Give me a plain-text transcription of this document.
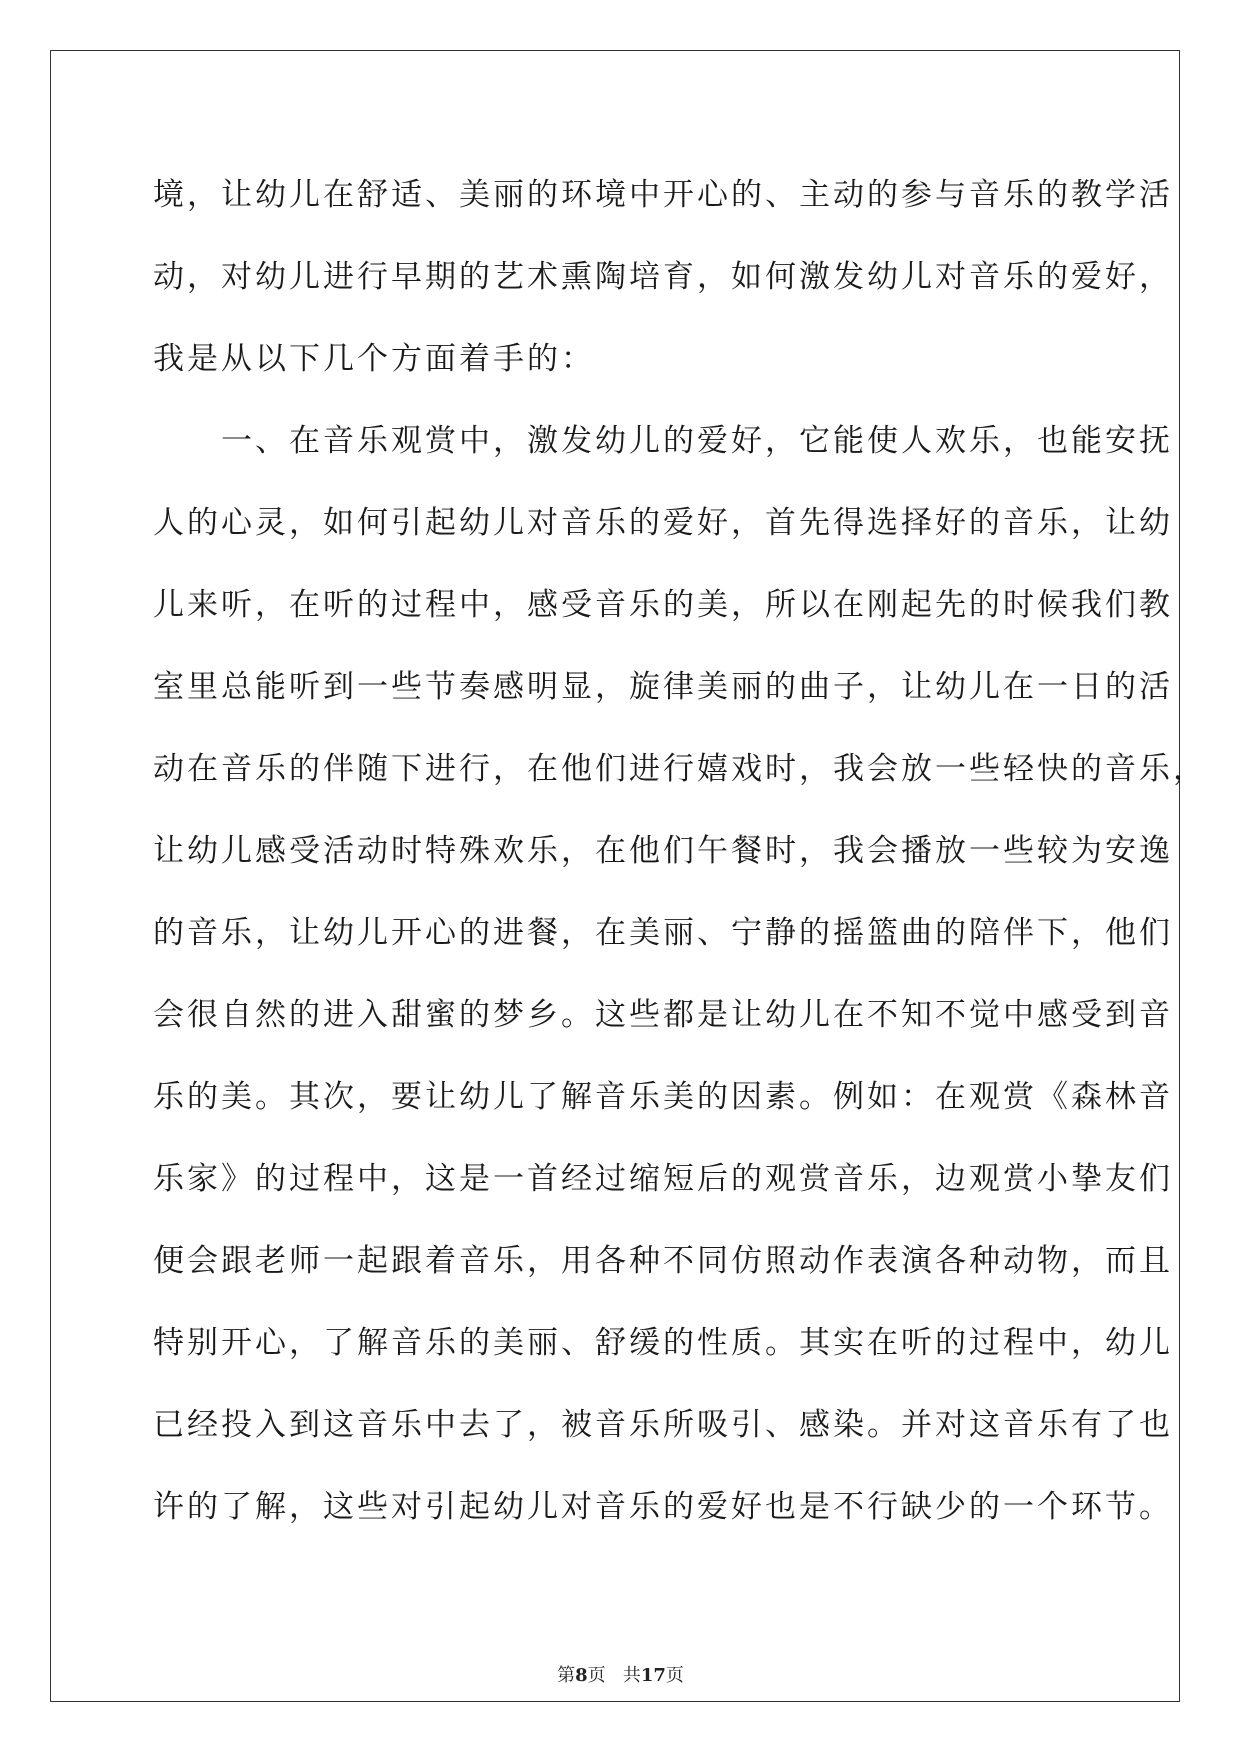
境，让幼儿在舒适、美丽的环境中开心的、主动的参与音乐的教学活
动，对幼儿进行早期的艺术熏陶培育，如何激发幼儿对音乐的爱好，
我是从以下几个方面着手的：
　　一、在音乐观赏中，激发幼儿的爱好，它能使人欢乐，也能安抚
人的心灵，如何引起幼儿对音乐的爱好，首先得选择好的音乐，让幼
儿来听，在听的过程中，感受音乐的美，所以在刚起先的时候我们教
室里总能听到一些节奏感明显，旋律美丽的曲子，让幼儿在一日的活
动在音乐的伴随下进行，在他们进行嬉戏时，我会放一些轻快的音乐，
让幼儿感受活动时特殊欢乐，在他们午餐时，我会播放一些较为安逸
的音乐，让幼儿开心的进餐，在美丽、宁静的摇篮曲的陪伴下，他们
会很自然的进入甜蜜的梦乡。这些都是让幼儿在不知不觉中感受到音
乐的美。其次，要让幼儿了解音乐美的因素。例如：在观赏《森林音
乐家》的过程中，这是一首经过缩短后的观赏音乐，边观赏小挚友们
便会跟老师一起跟着音乐，用各种不同仿照动作表演各种动物，而且
特别开心，了解音乐的美丽、舒缓的性质。其实在听的过程中，幼儿
已经投入到这音乐中去了，被音乐所吸引、感染。并对这音乐有了也
许的了解，这些对引起幼儿对音乐的爱好也是不行缺少的一个环节。
第8页 共17页
